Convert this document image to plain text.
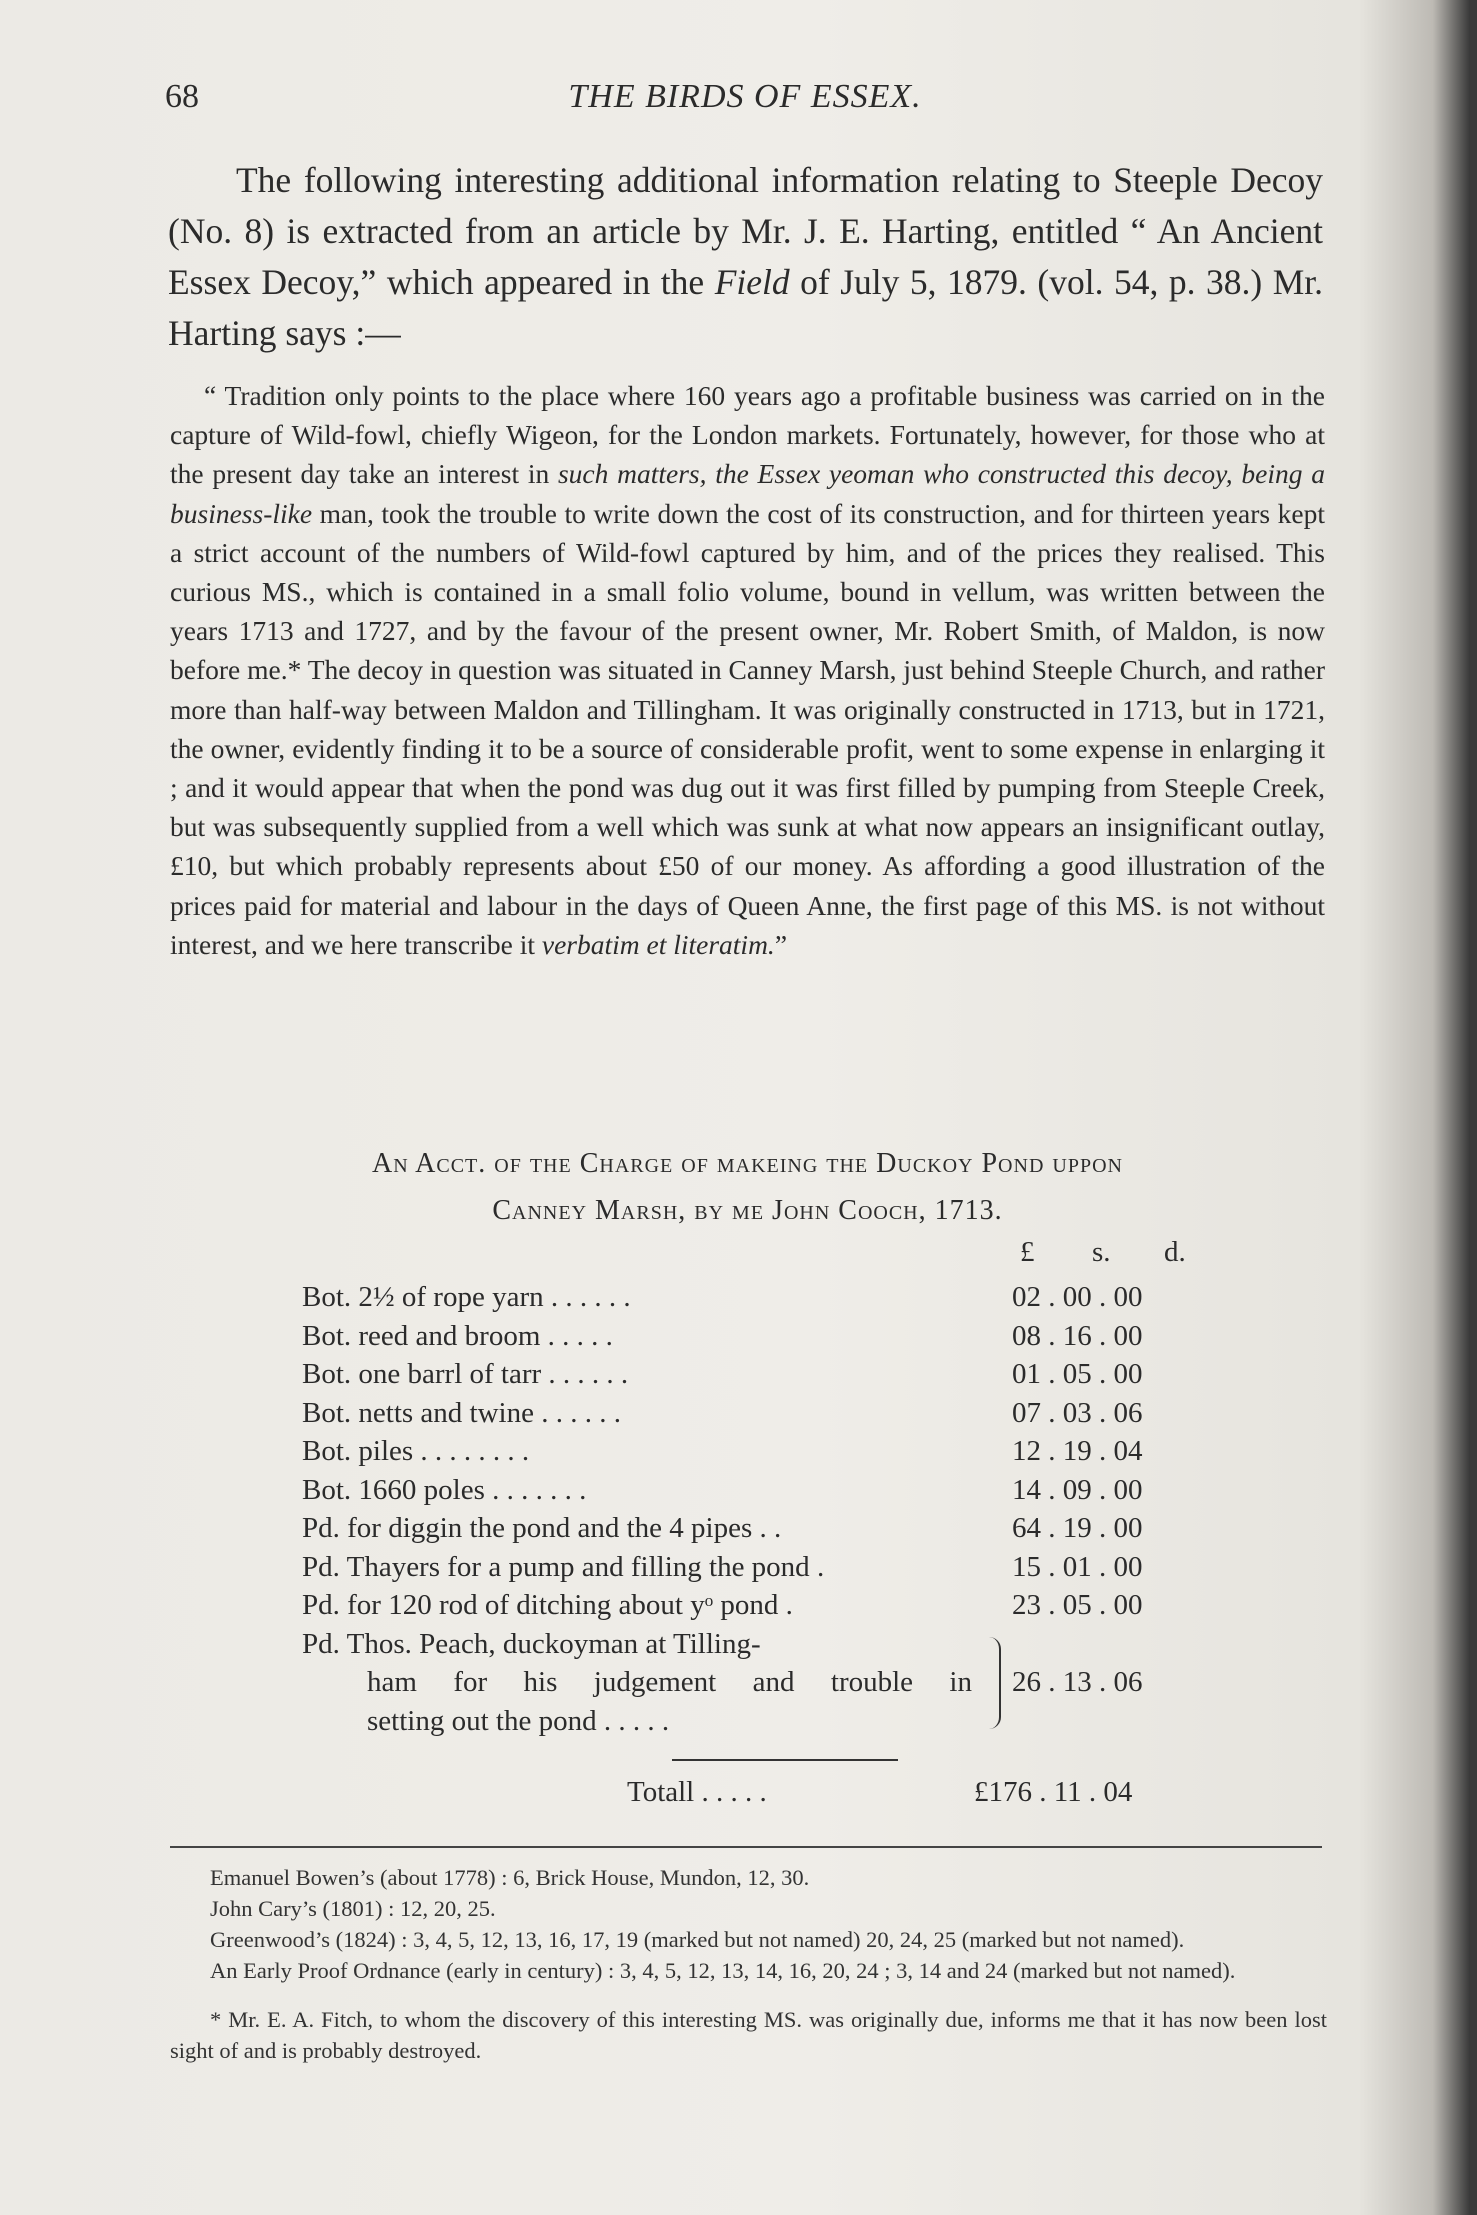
68	THE BIRDS OF ESSEX.

The following interesting additional information relating to Steeple Decoy (No. 8) is extracted from an article by Mr. J. E. Harting, entitled “ An Ancient Essex Decoy,” which appeared in the Field of July 5, 1879. (vol. 54, p. 38.) Mr. Harting says :—

“ Tradition only points to the place where 160 years ago a profitable business was carried on in the capture of Wild-fowl, chiefly Wigeon, for the London markets. Fortunately, however, for those who at the present day take an interest in such matters, the Essex yeoman who constructed this decoy, being a business-like man, took the trouble to write down the cost of its construction, and for thirteen years kept a strict account of the numbers of Wild-fowl captured by him, and of the prices they realised. This curious MS., which is contained in a small folio volume, bound in vellum, was written between the years 1713 and 1727, and by the favour of the present owner, Mr. Robert Smith, of Maldon, is now before me.* The decoy in question was situated in Canney Marsh, just behind Steeple Church, and rather more than half-way between Maldon and Tillingham. It was originally constructed in 1713, but in 1721, the owner, evidently finding it to be a source of considerable profit, went to some expense in enlarging it ; and it would appear that when the pond was dug out it was first filled by pumping from Steeple Creek, but was subsequently supplied from a well which was sunk at what now appears an insignificant outlay, £10, but which probably represents about £50 of our money. As affording a good illustration of the prices paid for material and labour in the days of Queen Anne, the first page of this MS. is not without interest, and we here transcribe it verbatim et literatim.”

An Acct. of the Charge of makeing the Duckoy Pond uppon
Canney Marsh, by me John Cooch, 1713.
£ s. d.
Bot. 2½ of rope yarn . . . . . .	02 . 00 . 00
Bot. reed and broom . . . . .	08 . 16 . 00
Bot. one barrl of tarr . . . . . .	01 . 05 . 00
Bot. netts and twine . . . . . .	07 . 03 . 06
Bot. piles . . . . . . . .	12 . 19 . 04
Bot. 1660 poles . . . . . . .	14 . 09 . 00
Pd. for diggin the pond and the 4 pipes . .	64 . 19 . 00
Pd. Thayers for a pump and filling the pond .	15 . 01 . 00
Pd. for 120 rod of ditching about yᵒ pond .	23 . 05 . 00
Pd. Thos. Peach, duckoyman at Tilling-
ham for his judgement and trouble in
setting out the pond . . . . .
26 . 13 . 06
Totall . . . . .	£176 . 11 . 04

Emanuel Bowen’s (about 1778) : 6, Brick House, Mundon, 12, 30.

John Cary’s (1801) : 12, 20, 25.

Greenwood’s (1824) : 3, 4, 5, 12, 13, 16, 17, 19 (marked but not named) 20, 24, 25 (marked but not named).

An Early Proof Ordnance (early in century) : 3, 4, 5, 12, 13, 14, 16, 20, 24 ; 3, 14 and 24 (marked but not named).

* Mr. E. A. Fitch, to whom the discovery of this interesting MS. was originally due, informs me that it has now been lost sight of and is probably destroyed.
